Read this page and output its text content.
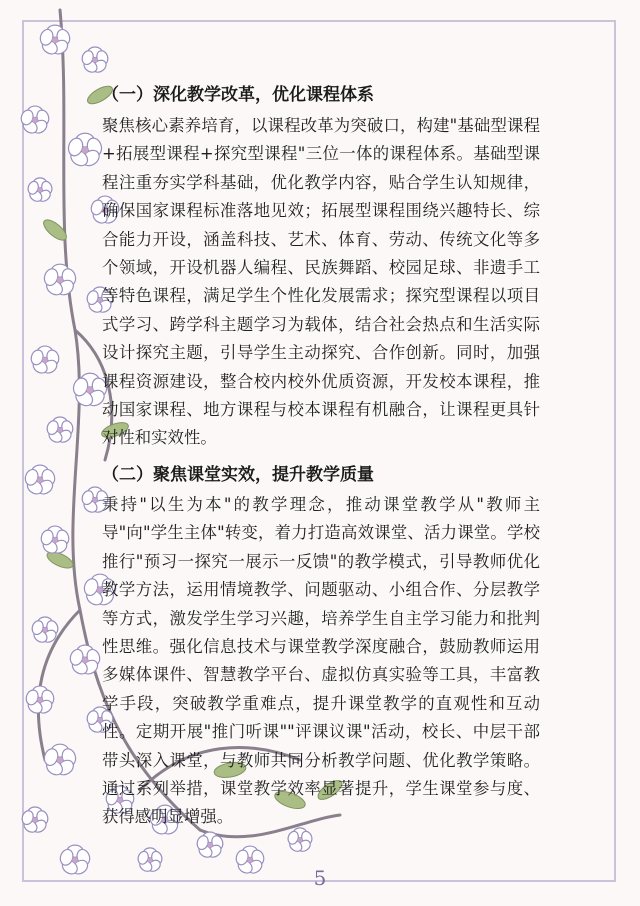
（一）深化教学改革，优化课程体系

聚焦核心素养培育，以课程改革为突破口，构建"基础型课程+拓展型课程+探究型课程"三位一体的课程体系。基础型课程注重夯实学科基础，优化教学内容，贴合学生认知规律，确保国家课程标准落地见效；拓展型课程围绕兴趣特长、综合能力开设，涵盖科技、艺术、体育、劳动、传统文化等多个领域，开设机器人编程、民族舞蹈、校园足球、非遗手工等特色课程，满足学生个性化发展需求；探究型课程以项目式学习、跨学科主题学习为载体，结合社会热点和生活实际设计探究主题，引导学生主动探究、合作创新。同时，加强课程资源建设，整合校内校外优质资源，开发校本课程，推动国家课程、地方课程与校本课程有机融合，让课程更具针对性和实效性。

（二）聚焦课堂实效，提升教学质量

秉持"以生为本"的教学理念，推动课堂教学从"教师主导"向"学生主体"转变，着力打造高效课堂、活力课堂。学校推行"预习一探究一展示一反馈"的教学模式，引导教师优化教学方法，运用情境教学、问题驱动、小组合作、分层教学等方式，激发学生学习兴趣，培养学生自主学习能力和批判性思维。强化信息技术与课堂教学深度融合，鼓励教师运用多媒体课件、智慧教学平台、虚拟仿真实验等工具，丰富教学手段，突破教学重难点，提升课堂教学的直观性和互动性。定期开展"推门听课""评课议课"活动，校长、中层干部带头深入课堂，与教师共同分析教学问题、优化教学策略。通过系列举措，课堂教学效率显著提升，学生课堂参与度、获得感明显增强。

5
